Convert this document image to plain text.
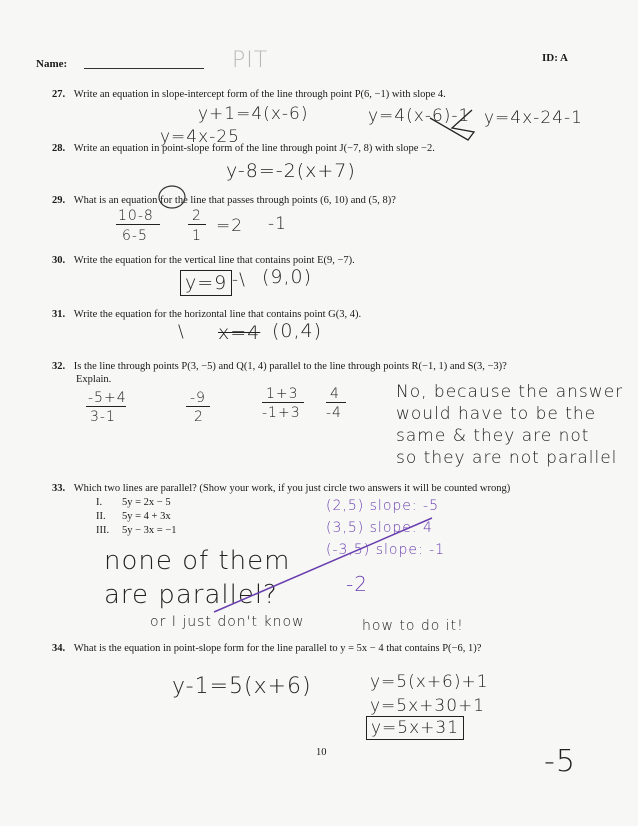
Name:	PIT	ID: A
27. Write an equation in slope-intercept form of the line through point P(6, −1) with slope 4.
y+1=4(x-6)	y=4(x-6)-1 y=4x-24-1
y=4x-25
28. Write an equation in point-slope form of the line through point J(−7, 8) with slope −2.
y-8=-2(x+7)
29. What is an equation for the line that passes through points (6, 10) and (5, 8)?
10-8
6-5
2
1 =2 -1
30. Write the equation for the vertical line that contains point E(9, −7).
y=9 -\ (9,0)
31. Write the equation for the horizontal line that contains point G(3, 4).
\ x=4 (0,4)
32. Is the line through points P(3, −5) and Q(1, 4) parallel to the line through points R(−1, 1) and S(3, −3)?
Explain.
-5+4
3-1
-9
2
1+3
-1+3
4
-4
No, because the answer
would have to be the
same & they are not
so they are not parallel
33. Which two lines are parallel? (Show your work, if you just circle two answers it will be counted wrong)
I. 5y = 2x − 5
II. 5y = 4 + 3x
III. 5y − 3x = −1
(2,5) slope: -5
(3,5) slope: 4
(-3,5) slope: -1
-2
none of them
are parallel?
or I just don't know	how to do it!
34. What is the equation in point-slope form for the line parallel to y = 5x − 4 that contains P(−6, 1)?
y-1=5(x+6)	y=5(x+6)+1
y=5x+30+1
y=5x+31
10	-5
